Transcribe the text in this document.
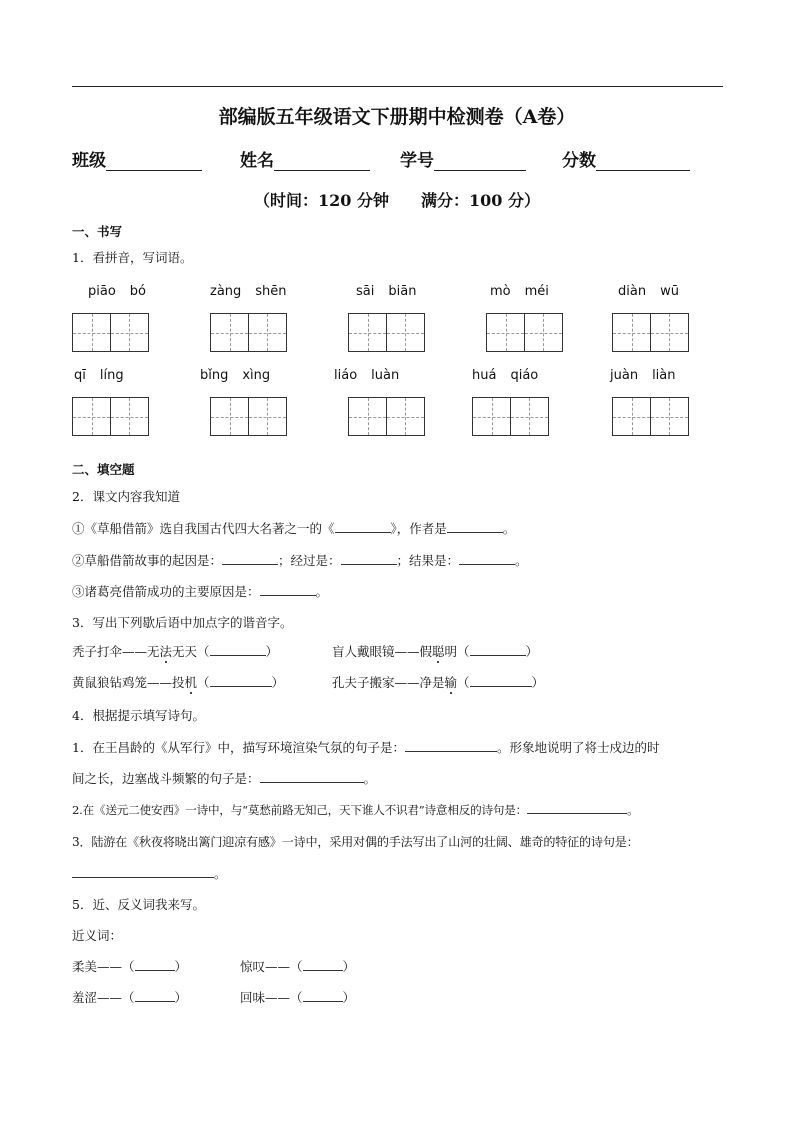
部编版五年级语文下册期中检测卷（A卷）
班级	姓名	学号	分数
（时间：120 分钟 满分：100 分）
一、书写
1．看拼音，写词语。
piāo bó	zàng shēn	sāi biān	mò méi	diàn wū
qī líng	bǐng xìng	liáo luàn	huá qiáo	juàn liàn
二、填空题
2．课文内容我知道
①《草船借箭》选自我国古代四大名著之一的《	》，作者是	。
②草船借箭故事的起因是：	；经过是：	；结果是：	。
③诸葛亮借箭成功的主要原因是：	。
3．写出下列歇后语中加点字的谐音字。
秃子打伞——无法无天（	）	盲人戴眼镜——假聪明（	）
黄鼠狼钻鸡笼——投机（	）	孔夫子搬家——净是输（	）
4．根据提示填写诗句。
1．在王昌龄的《从军行》中，描写环境渲染气氛的句子是：	。形象地说明了将士戍边的时
间之长，边塞战斗频繁的句子是：	。
2.在《送元二使安西》一诗中，与“莫愁前路无知己，天下谁人不识君”诗意相反的诗句是：	。
3．陆游在《秋夜将晓出篱门迎凉有感》一诗中，采用对偶的手法写出了山河的壮阔、雄奇的特征的诗句是：
。
5．近、反义词我来写。
近义词：
柔美——（	）	惊叹——（	）
羞涩——（	）	回味——（	）
